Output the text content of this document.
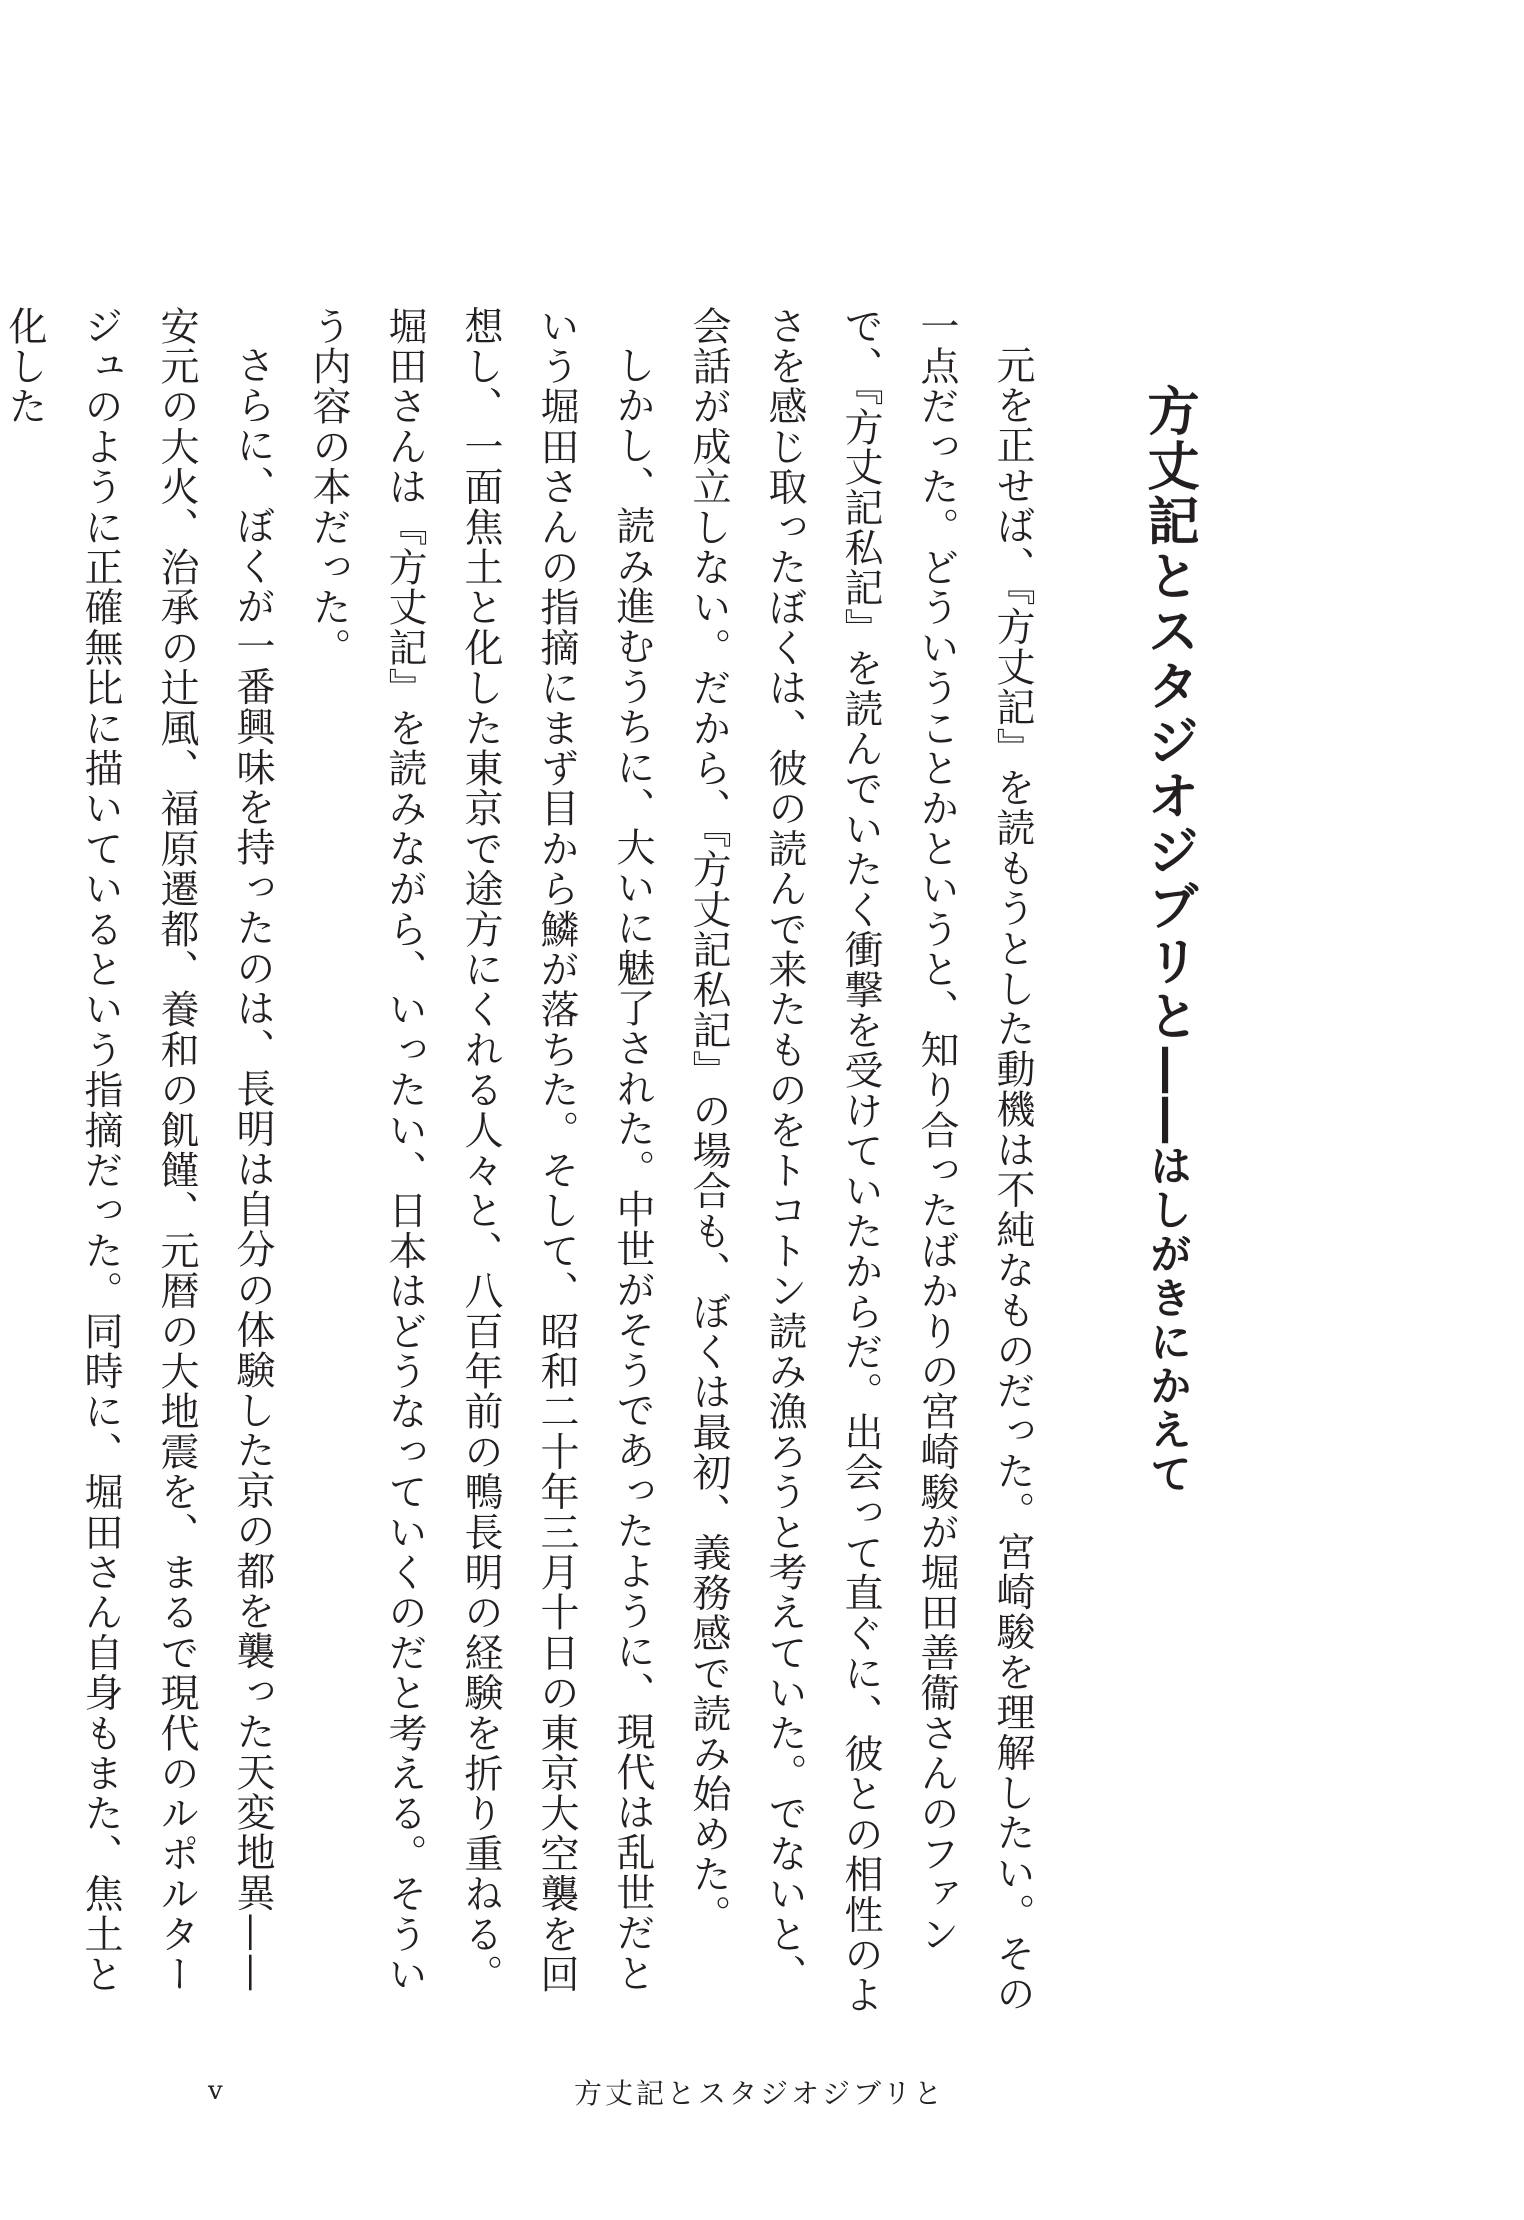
方丈記とスタジオジブリと——はしがきにかえて

元を正せば、『方丈記』を読もうとした動機は不純なものだった。宮崎駿を理解したい。その一点だった。どういうことかというと、知り合ったばかりの宮崎駿が堀田善衞さんのファンで、『方丈記私記』を読んでいたく衝撃を受けていたからだ。出会って直ぐに、彼との相性のよさを感じ取ったぼくは、彼の読んで来たものをトコトン読み漁ろうと考えていた。でないと、会話が成立しない。だから、『方丈記私記』の場合も、ぼくは最初、義務感で読み始めた。

しかし、読み進むうちに、大いに魅了された。中世がそうであったように、現代は乱世だという堀田さんの指摘にまず目から鱗が落ちた。そして、昭和二十年三月十日の東京大空襲を回想し、一面焦土と化した東京で途方にくれる人々と、八百年前の鴨長明の経験を折り重ねる。堀田さんは『方丈記』を読みながら、いったい、日本はどうなっていくのだと考える。そういう内容の本だった。

さらに、ぼくが一番興味を持ったのは、長明は自分の体験した京の都を襲った天変地異——安元の大火、治承の辻風、福原遷都、養和の飢饉、元暦の大地震を、まるで現代のルポルタージュのように正確無比に描いているという指摘だった。同時に、堀田さん自身もまた、焦土と化した

v	方丈記とスタジオジブリと
